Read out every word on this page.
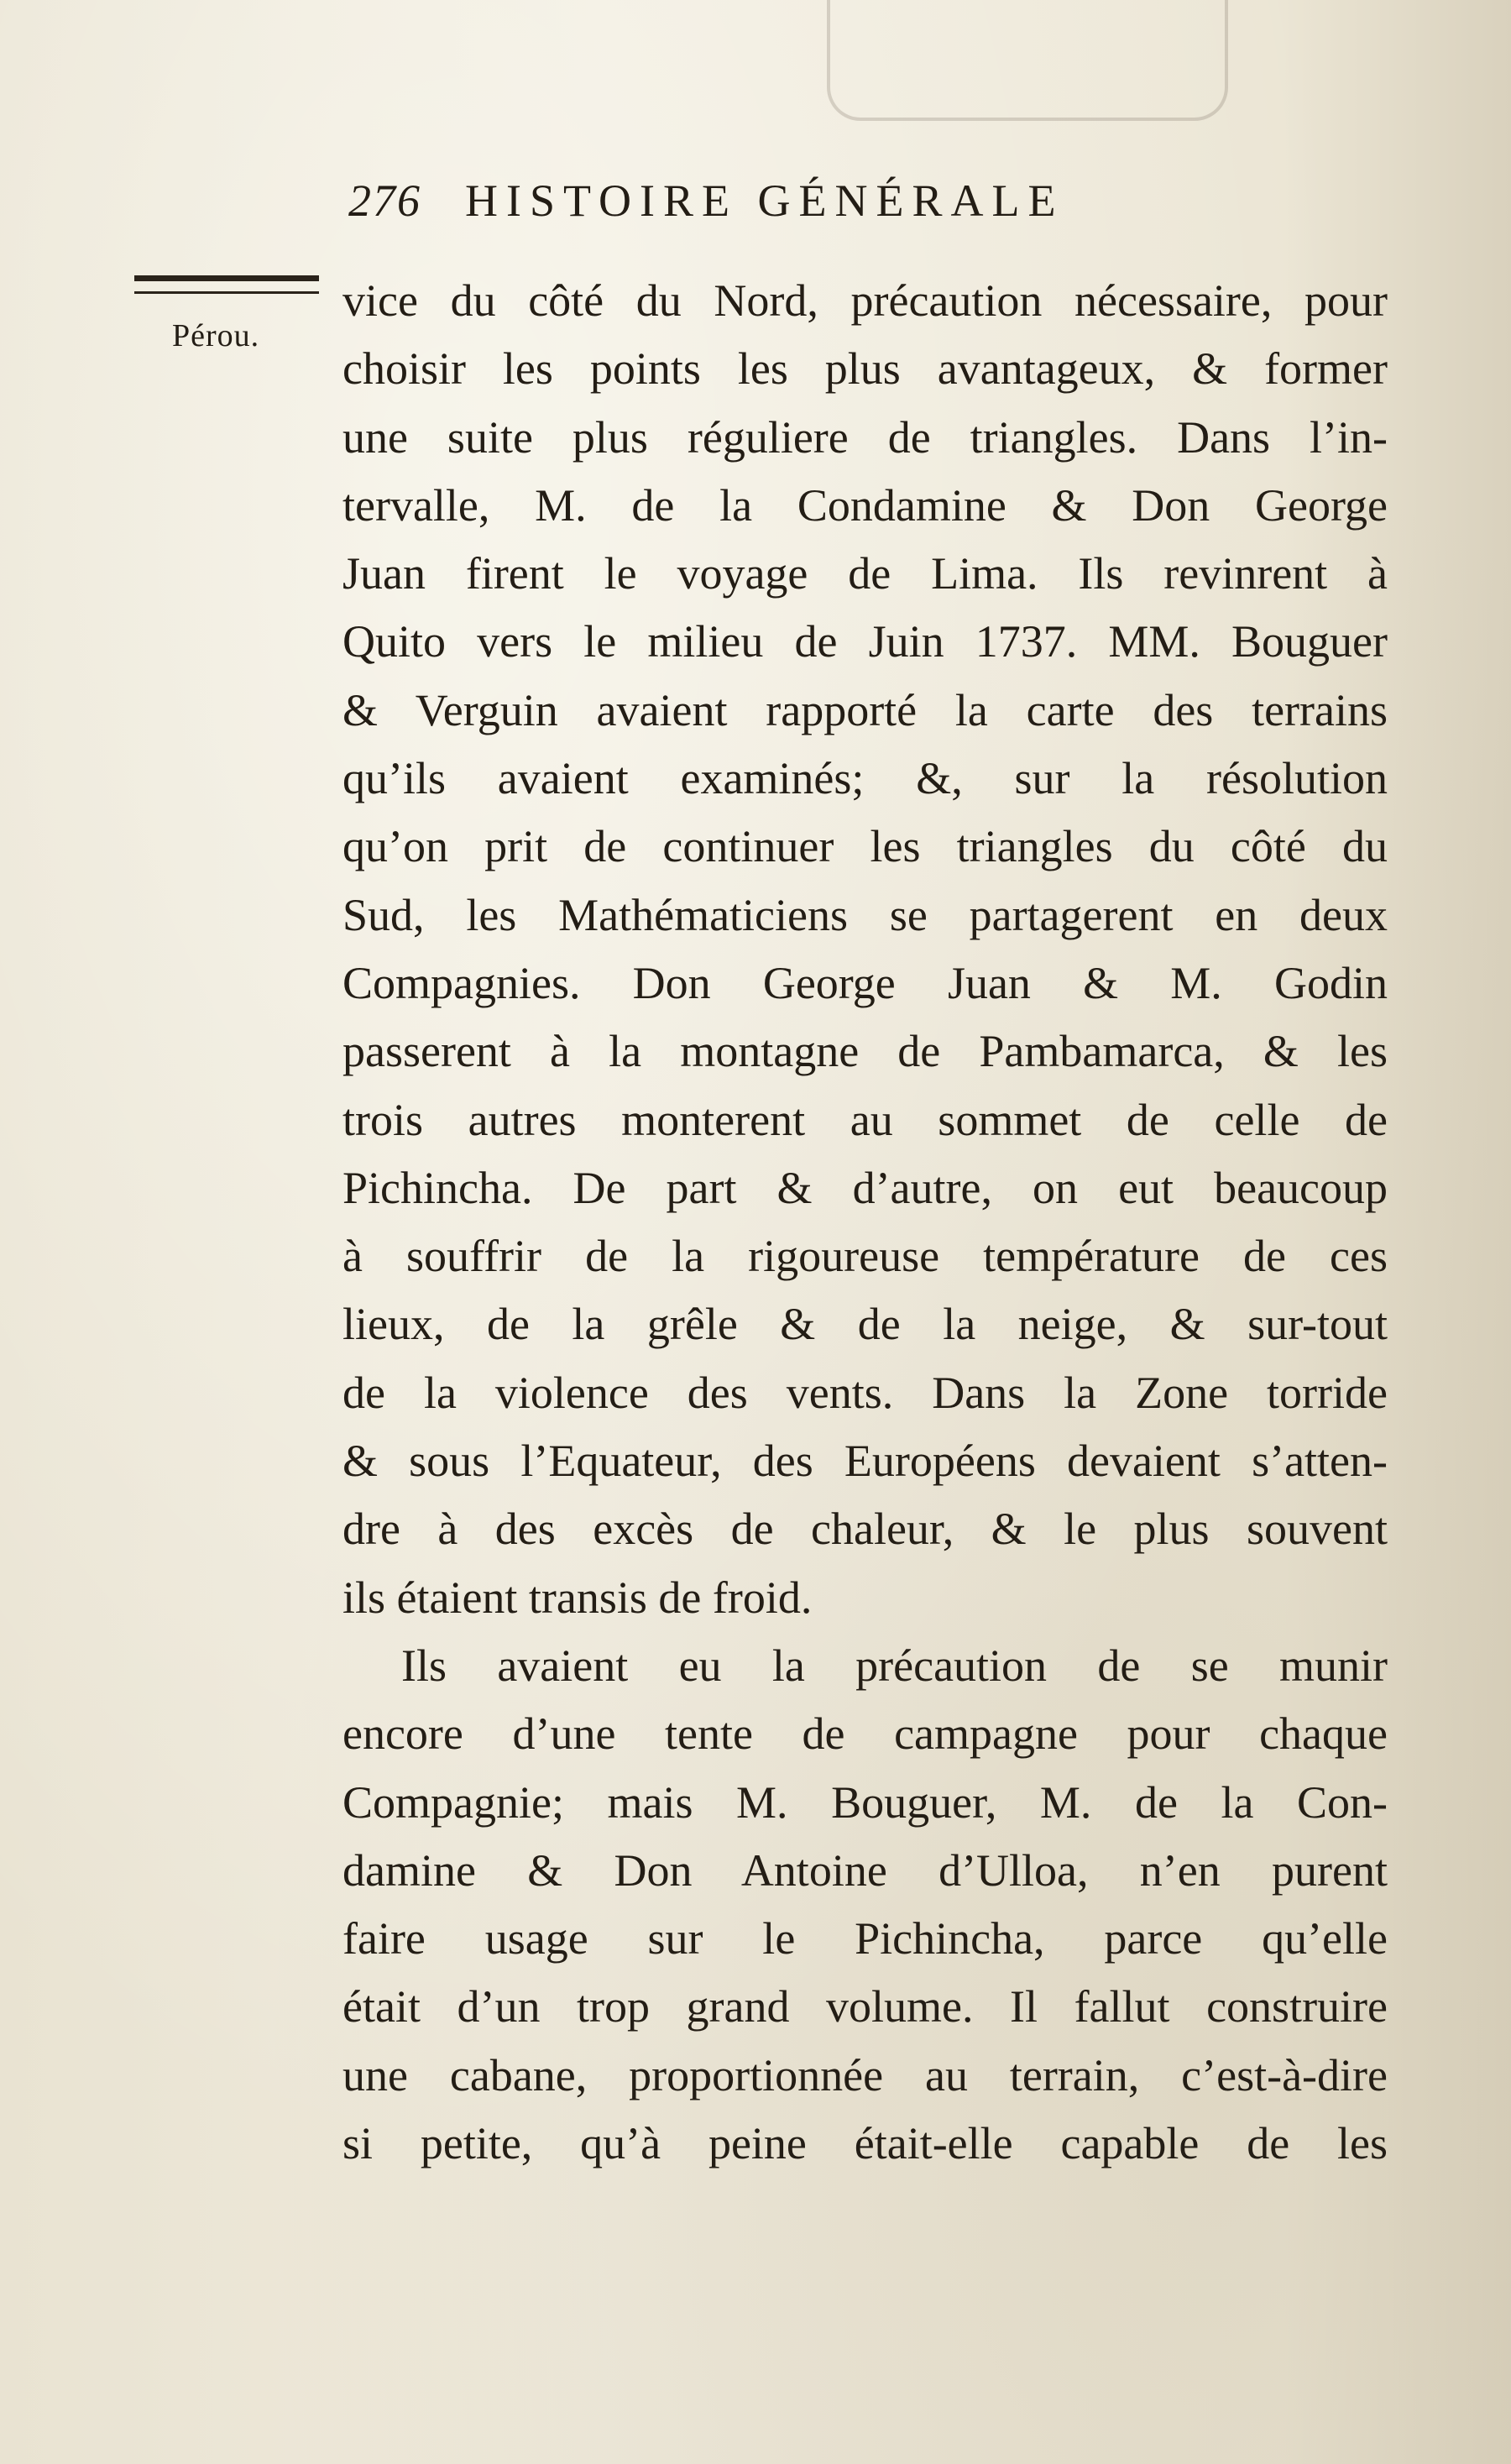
276 HISTOIRE GÉNÉRALE
Pérou.
vice du côté du Nord, précaution nécessaire, pour
choisir les points les plus avantageux, & former
une suite plus réguliere de triangles. Dans l’in-
tervalle, M. de la Condamine & Don George
Juan firent le voyage de Lima. Ils revinrent à
Quito vers le milieu de Juin 1737. MM. Bouguer
& Verguin avaient rapporté la carte des terrains
qu’ils avaient examinés; &, sur la résolution
qu’on prit de continuer les triangles du côté du
Sud, les Mathématiciens se partagerent en deux
Compagnies. Don George Juan & M. Godin
passerent à la montagne de Pambamarca, & les
trois autres monterent au sommet de celle de
Pichincha. De part & d’autre, on eut beaucoup
à souffrir de la rigoureuse température de ces
lieux, de la grêle & de la neige, & sur-tout
de la violence des vents. Dans la Zone torride
& sous l’Equateur, des Européens devaient s’atten-
dre à des excès de chaleur, & le plus souvent
ils étaient transis de froid.
Ils avaient eu la précaution de se munir
encore d’une tente de campagne pour chaque
Compagnie; mais M. Bouguer, M. de la Con-
damine & Don Antoine d’Ulloa, n’en purent
faire usage sur le Pichincha, parce qu’elle
était d’un trop grand volume. Il fallut construire
une cabane, proportionnée au terrain, c’est-à-dire
si petite, qu’à peine était-elle capable de les
